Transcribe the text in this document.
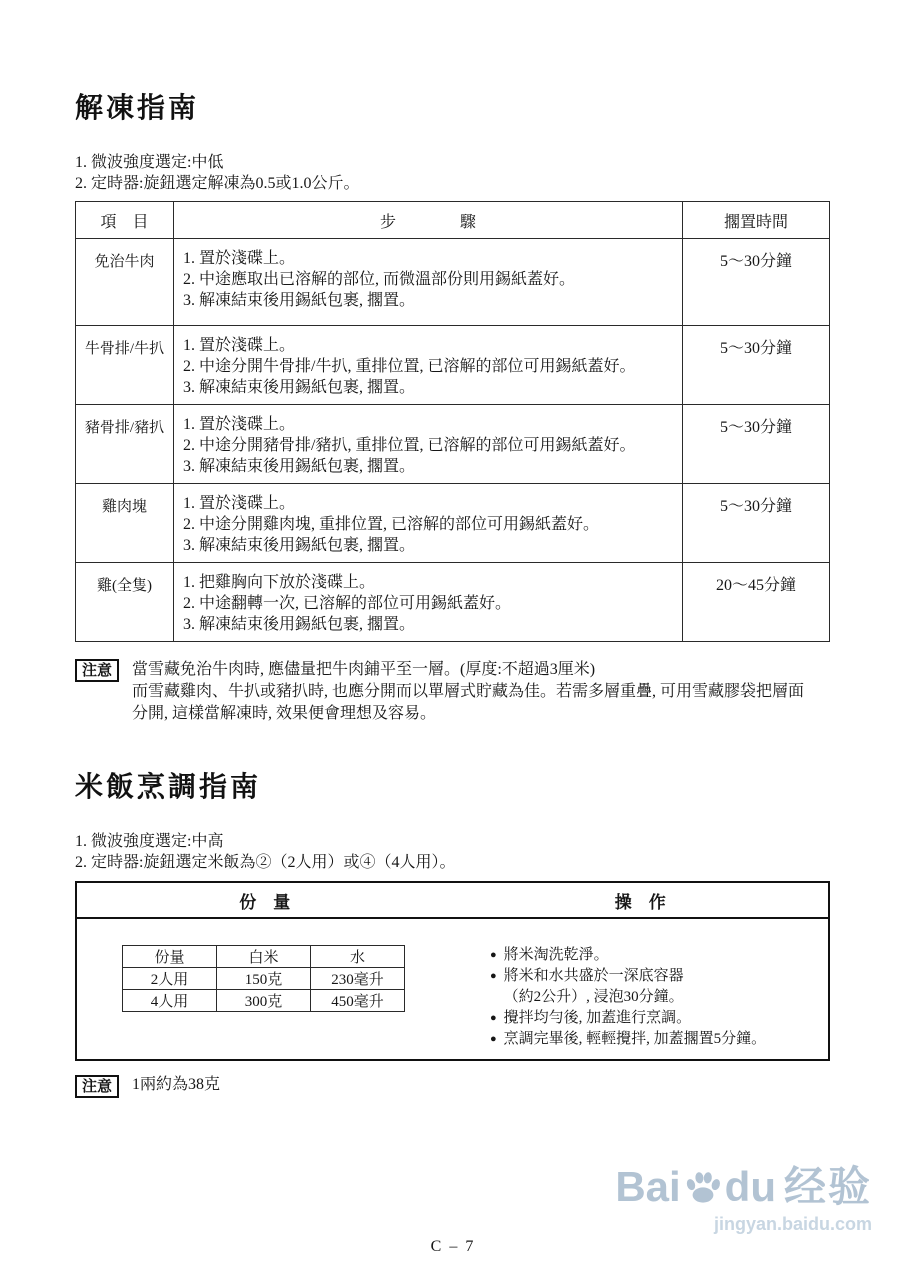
解凍指南
1. 微波強度選定:中低
2. 定時器:旋鈕選定解凍為0.5或1.0公斤。
項　目	步　　　　驟	擱置時間
免治牛肉	1. 置於淺碟上。
2. 中途應取出已溶解的部位, 而微溫部份則用錫紙蓋好。
3. 解凍結束後用錫紙包裹, 擱置。	5～30分鐘
牛骨排/牛扒	1. 置於淺碟上。
2. 中途分開牛骨排/牛扒, 重排位置, 已溶解的部位可用錫紙蓋好。
3. 解凍結束後用錫紙包裹, 擱置。	5～30分鐘
豬骨排/豬扒	1. 置於淺碟上。
2. 中途分開豬骨排/豬扒, 重排位置, 已溶解的部位可用錫紙蓋好。
3. 解凍結束後用錫紙包裹, 擱置。	5～30分鐘
雞肉塊	1. 置於淺碟上。
2. 中途分開雞肉塊, 重排位置, 已溶解的部位可用錫紙蓋好。
3. 解凍結束後用錫紙包裹, 擱置。	5～30分鐘
雞(全隻)	1. 把雞胸向下放於淺碟上。
2. 中途翻轉一次, 已溶解的部位可用錫紙蓋好。
3. 解凍結束後用錫紙包裹, 擱置。	20～45分鐘
注意	當雪藏免治牛肉時, 應儘量把牛肉鋪平至一層。(厚度:不超過3厘米)
而雪藏雞肉、牛扒或豬扒時, 也應分開而以單層式貯藏為佳。若需多層重疊, 可用雪藏膠袋把層面
分開, 這樣當解凍時, 效果便會理想及容易。
米飯烹調指南
1. 微波強度選定:中高
2. 定時器:旋鈕選定米飯為②（2人用）或④（4人用）。
份　量	操　作
份量	白米	水
2人用	150克	230毫升
4人用	300克	450毫升
● 將米淘洗乾淨。
● 將米和水共盛於一深底容器
（約2公升）, 浸泡30分鐘。
● 攪拌均勻後, 加蓋進行烹調。
● 烹調完畢後, 輕輕攪拌, 加蓋擱置5分鐘。
注意	1兩約為38克
Bai du 经验
jingyan.baidu.com
C – 7
